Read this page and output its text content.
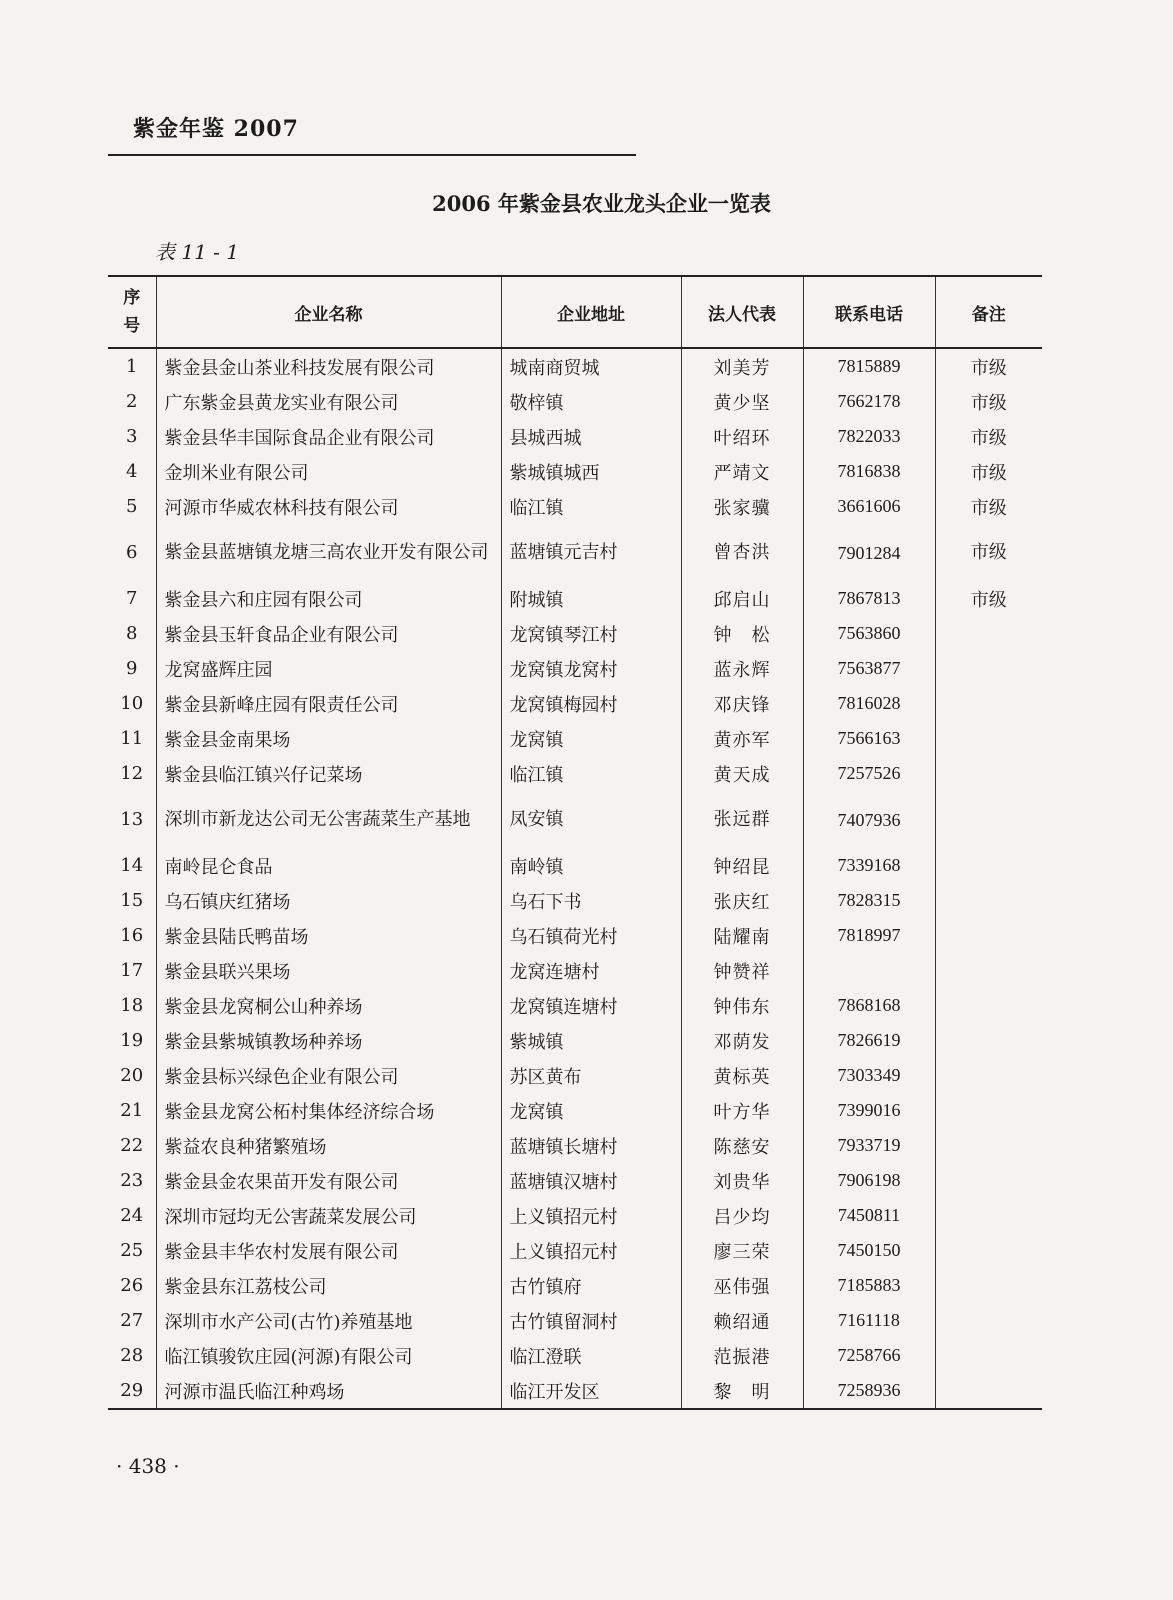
紫金年鉴 2007
2006 年紫金县农业龙头企业一览表
表 11 - 1
序
号	企业名称	企业地址	法人代表	联系电话	备注
1	紫金县金山茶业科技发展有限公司	城南商贸城	刘美芳	7815889	市级
2	广东紫金县黄龙实业有限公司	敬梓镇	黄少坚	7662178	市级
3	紫金县华丰国际食品企业有限公司	县城西城	叶绍环	7822033	市级
4	金圳米业有限公司	紫城镇城西	严靖文	7816838	市级
5	河源市华威农林科技有限公司	临江镇	张家骥	3661606	市级
6	紫金县蓝塘镇龙塘三高农业开发有限公司	蓝塘镇元吉村	曾杏洪	7901284	市级
7	紫金县六和庄园有限公司	附城镇	邱启山	7867813	市级
8	紫金县玉轩食品企业有限公司	龙窝镇琴江村	钟　松	7563860	
9	龙窝盛辉庄园	龙窝镇龙窝村	蓝永辉	7563877	
10	紫金县新峰庄园有限责任公司	龙窝镇梅园村	邓庆锋	7816028	
11	紫金县金南果场	龙窝镇	黄亦军	7566163	
12	紫金县临江镇兴仔记菜场	临江镇	黄天成	7257526	
13	深圳市新龙达公司无公害蔬菜生产基地	凤安镇	张远群	7407936	
14	南岭昆仑食品	南岭镇	钟绍昆	7339168	
15	乌石镇庆红猪场	乌石下书	张庆红	7828315	
16	紫金县陆氏鸭苗场	乌石镇荷光村	陆耀南	7818997	
17	紫金县联兴果场	龙窝连塘村	钟赞祥		
18	紫金县龙窝桐公山种养场	龙窝镇连塘村	钟伟东	7868168	
19	紫金县紫城镇教场种养场	紫城镇	邓荫发	7826619	
20	紫金县标兴绿色企业有限公司	苏区黄布	黄标英	7303349	
21	紫金县龙窝公柘村集体经济综合场	龙窝镇	叶方华	7399016	
22	紫益农良种猪繁殖场	蓝塘镇长塘村	陈慈安	7933719	
23	紫金县金农果苗开发有限公司	蓝塘镇汉塘村	刘贵华	7906198	
24	深圳市冠均无公害蔬菜发展公司	上义镇招元村	吕少均	7450811	
25	紫金县丰华农村发展有限公司	上义镇招元村	廖三荣	7450150	
26	紫金县东江荔枝公司	古竹镇府	巫伟强	7185883	
27	深圳市水产公司(古竹)养殖基地	古竹镇留洞村	赖绍通	7161118	
28	临江镇骏钦庄园(河源)有限公司	临江澄联	范振港	7258766	
29	河源市温氏临江种鸡场	临江开发区	黎　明	7258936	
· 438 ·
